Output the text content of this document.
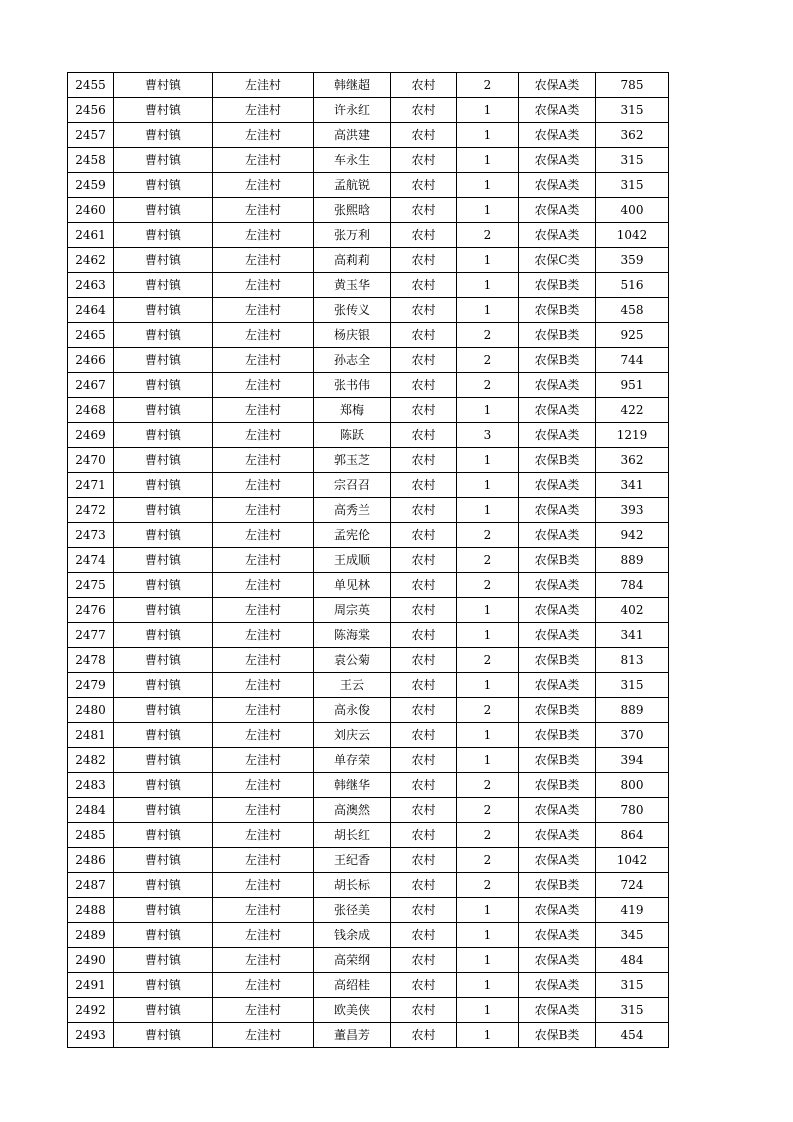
2455	曹村镇	左洼村	韩继超	农村	2	农保A类	785
2456	曹村镇	左洼村	许永红	农村	1	农保A类	315
2457	曹村镇	左洼村	高洪建	农村	1	农保A类	362
2458	曹村镇	左洼村	车永生	农村	1	农保A类	315
2459	曹村镇	左洼村	孟航锐	农村	1	农保A类	315
2460	曹村镇	左洼村	张熙晗	农村	1	农保A类	400
2461	曹村镇	左洼村	张万利	农村	2	农保A类	1042
2462	曹村镇	左洼村	高莉莉	农村	1	农保C类	359
2463	曹村镇	左洼村	黄玉华	农村	1	农保B类	516
2464	曹村镇	左洼村	张传义	农村	1	农保B类	458
2465	曹村镇	左洼村	杨庆银	农村	2	农保B类	925
2466	曹村镇	左洼村	孙志全	农村	2	农保B类	744
2467	曹村镇	左洼村	张书伟	农村	2	农保A类	951
2468	曹村镇	左洼村	郑梅	农村	1	农保A类	422
2469	曹村镇	左洼村	陈跃	农村	3	农保A类	1219
2470	曹村镇	左洼村	郭玉芝	农村	1	农保B类	362
2471	曹村镇	左洼村	宗召召	农村	1	农保A类	341
2472	曹村镇	左洼村	高秀兰	农村	1	农保A类	393
2473	曹村镇	左洼村	孟宪伦	农村	2	农保A类	942
2474	曹村镇	左洼村	王成顺	农村	2	农保B类	889
2475	曹村镇	左洼村	单见林	农村	2	农保A类	784
2476	曹村镇	左洼村	周宗英	农村	1	农保A类	402
2477	曹村镇	左洼村	陈海棠	农村	1	农保A类	341
2478	曹村镇	左洼村	袁公菊	农村	2	农保B类	813
2479	曹村镇	左洼村	王云	农村	1	农保A类	315
2480	曹村镇	左洼村	高永俊	农村	2	农保B类	889
2481	曹村镇	左洼村	刘庆云	农村	1	农保B类	370
2482	曹村镇	左洼村	单存荣	农村	1	农保B类	394
2483	曹村镇	左洼村	韩继华	农村	2	农保B类	800
2484	曹村镇	左洼村	高澳然	农村	2	农保A类	780
2485	曹村镇	左洼村	胡长红	农村	2	农保A类	864
2486	曹村镇	左洼村	王纪香	农村	2	农保A类	1042
2487	曹村镇	左洼村	胡长标	农村	2	农保B类	724
2488	曹村镇	左洼村	张径美	农村	1	农保A类	419
2489	曹村镇	左洼村	钱余成	农村	1	农保A类	345
2490	曹村镇	左洼村	高荣纲	农村	1	农保A类	484
2491	曹村镇	左洼村	高绍桂	农村	1	农保A类	315
2492	曹村镇	左洼村	欧美侠	农村	1	农保A类	315
2493	曹村镇	左洼村	董昌芳	农村	1	农保B类	454
